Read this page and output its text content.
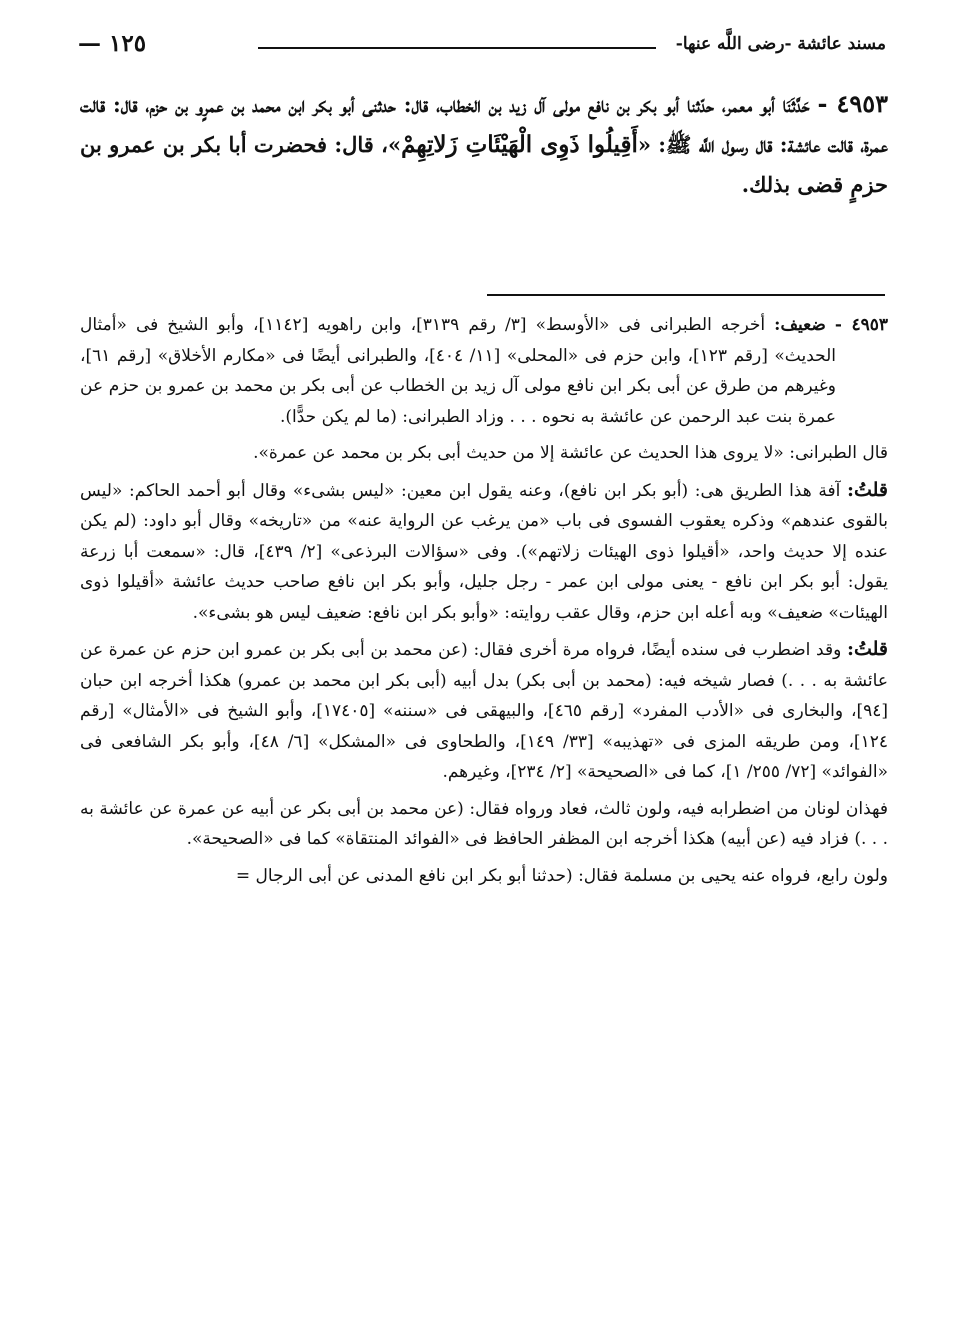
مسند عائشة -رضى اللَّه عنها-
— ١٢٥
٤٩٥٣ - حَدَّثَنَا أبو معمر، حدّثنا أبو بكر بن نافع مولى آل زيد بن الخطاب، قال: حدثنى أبو بكر ابن محمد بن عمرٍو بن حزم، قال: قالت عمرة، قالت عائشة: قال رسول اللَّه ﷺ: «أَقِيلُوا ذَوِى الْهَيْئَاتِ زَلاتِهِمْ»، قال: فحضرت أبا بكر بن عمرو بن حزمٍ قضى بذلك.

٤٩٥٣ - ضعيف: أخرجه الطبرانى فى «الأوسط» [٣/ رقم ٣١٣٩]، وابن راهويه [١١٤٢]، وأبو الشيخ فى «أمثال الحديث» [رقم ١٢٣]، وابن حزم فى «المحلى» [١١/ ٤٠٤]، والطبرانى أيضًا فى «مكارم الأخلاق» [رقم ٦١]، وغيرهم من طرق عن أبى بكر ابن نافع مولى آل زيد بن الخطاب عن أبى بكر بن محمد بن عمرو بن حزم عن عمرة بنت عبد الرحمن عن عائشة به نحوه . . . وزاد الطبرانى: (ما لم يكن حدًّا).

قال الطبرانى: «لا يروى هذا الحديث عن عائشة إلا من حديث أبى بكر بن محمد عن عمرة».

قلتُ: آفة هذا الطريق هى: (أبو بكر ابن نافع)، وعنه يقول ابن معين: «ليس بشىء» وقال أبو أحمد الحاكم: «ليس بالقوى عندهم» وذكره يعقوب الفسوى فى باب «من يرغب عن الرواية عنه» من «تاريخه» وقال أبو داود: (لم يكن عنده إلا حديث واحد، «أقيلوا ذوى الهيئات زلاتهم»). وفى «سؤالات البرذعى» [٢/ ٤٣٩]، قال: «سمعت أبا زرعة يقول: أبو بكر ابن نافع - يعنى مولى ابن عمر - رجل جليل، وأبو بكر ابن نافع صاحب حديث عائشة «أقيلوا ذوى الهيئات» ضعيف» وبه أعله ابن حزم، وقال عقب روايته: «وأبو بكر ابن نافع: ضعيف ليس هو بشىء».

قلتُ: وقد اضطرب فى سنده أيضًا، فرواه مرة أخرى فقال: (عن محمد بن أبى بكر بن عمرو ابن حزم عن عمرة عن عائشة به . . .) فصار شيخه فيه: (محمد بن أبى بكر) بدل أبيه (أبى بكر ابن محمد بن عمرو) هكذا أخرجه ابن حبان [٩٤]، والبخارى فى «الأدب المفرد» [رقم ٤٦٥]، والبيهقى فى «سننه» [١٧٤٠٥]، وأبو الشيخ فى «الأمثال» [رقم ١٢٤]، ومن طريقه المزى فى «تهذيبه» [٣٣/ ١٤٩]، والطحاوى فى «المشكل» [٦/ ٤٨]، وأبو بكر الشافعى فى «الفوائد» [٧٢/ ٢٥٥/ ١]، كما فى «الصحيحة» [٢/ ٢٣٤]، وغيرهم.

فهذان لونان من اضطرابه فيه، ولون ثالث، فعاد ورواه فقال: (عن محمد بن أبى بكر عن أبيه عن عمرة عن عائشة به . . .) فزاد فيه (عن أبيه) هكذا أخرجه ابن المظفر الحافظ فى «الفوائد المنتقاة» كما فى «الصحيحة».

ولون رابع، فرواه عنه يحيى بن مسلمة فقال: (حدثنا أبو بكر ابن نافع المدنى عن أبى الرجال =
